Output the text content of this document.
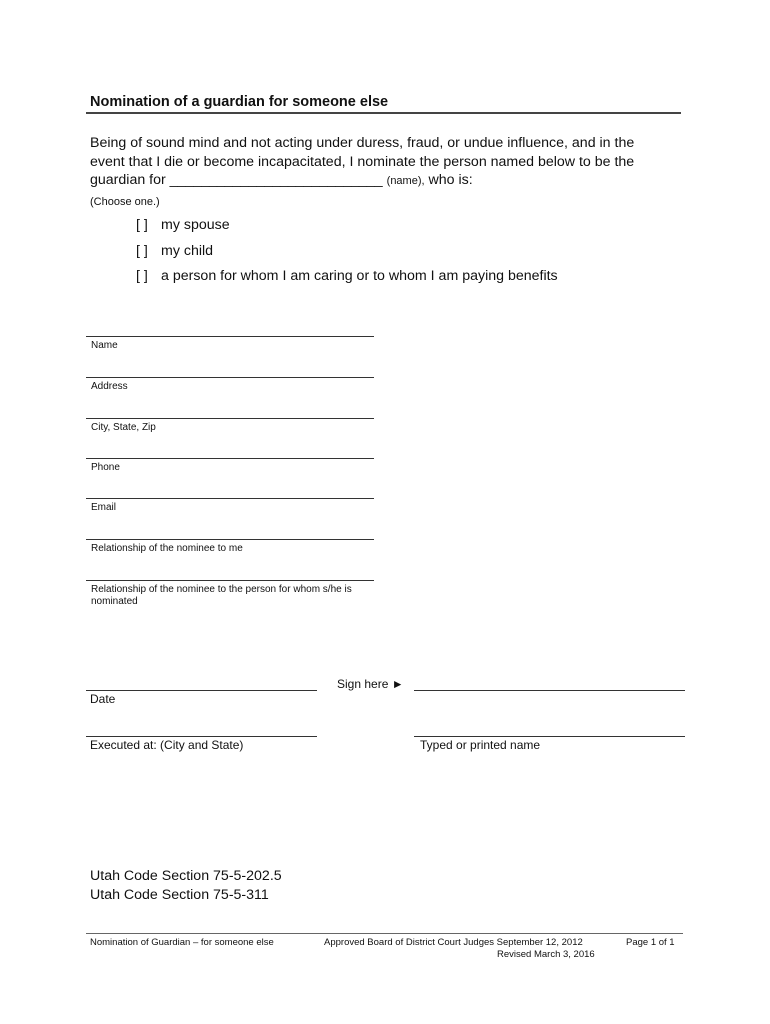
Nomination of a guardian for someone else
Being of sound mind and not acting under duress, fraud, or undue influence, and in the
event that I die or become incapacitated, I nominate the person named below to be the
guardian for ___________________________ (name), who is:
(Choose one.)
[ ] my spouse
[ ] my child
[ ] a person for whom I am caring or to whom I am paying benefits
Name
Address
City, State, Zip
Phone
Email
Relationship of the nominee to me
Relationship of the nominee to the person for whom s/he is nominated
Sign here ►
Date
Executed at: (City and State)	Typed or printed name
Utah Code Section 75-5-202.5
Utah Code Section 75-5-311
Nomination of Guardian – for someone else	Approved Board of District Court Judges September 12, 2012
Revised March 3, 2016
Page 1 of 1
